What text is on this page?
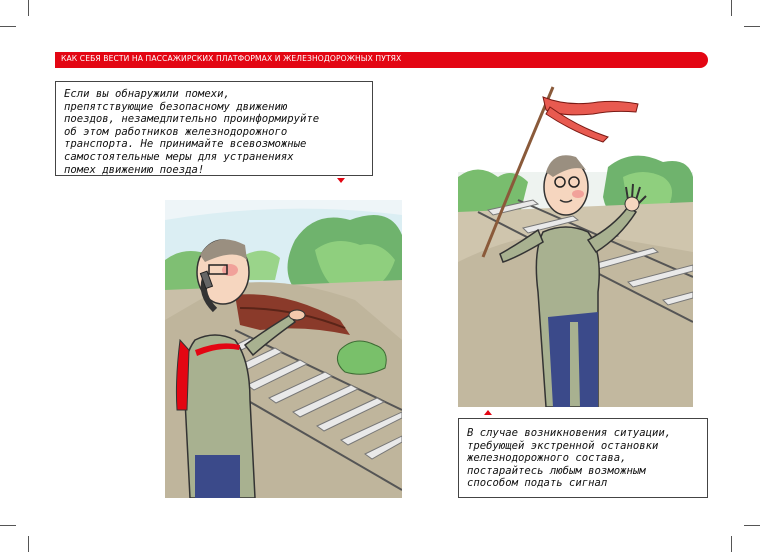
КАК СЕБЯ ВЕСТИ НА ПАССАЖИРСКИХ ПЛАТФОРМАХ И ЖЕЛЕЗНОДОРОЖНЫХ ПУТЯХ
Если вы обнаружили помехи,
препятствующие безопасному движению
поездов, незамедлительно проинформируйте
об этом работников железнодорожного
транспорта. Не принимайте всевозможные
самостоятельные меры для устранениях
помех движению поезда!
В случае возникновения ситуации,
требующей экстренной остановки
железнодорожного состава,
постарайтесь любым возможным
способом подать сигнал
